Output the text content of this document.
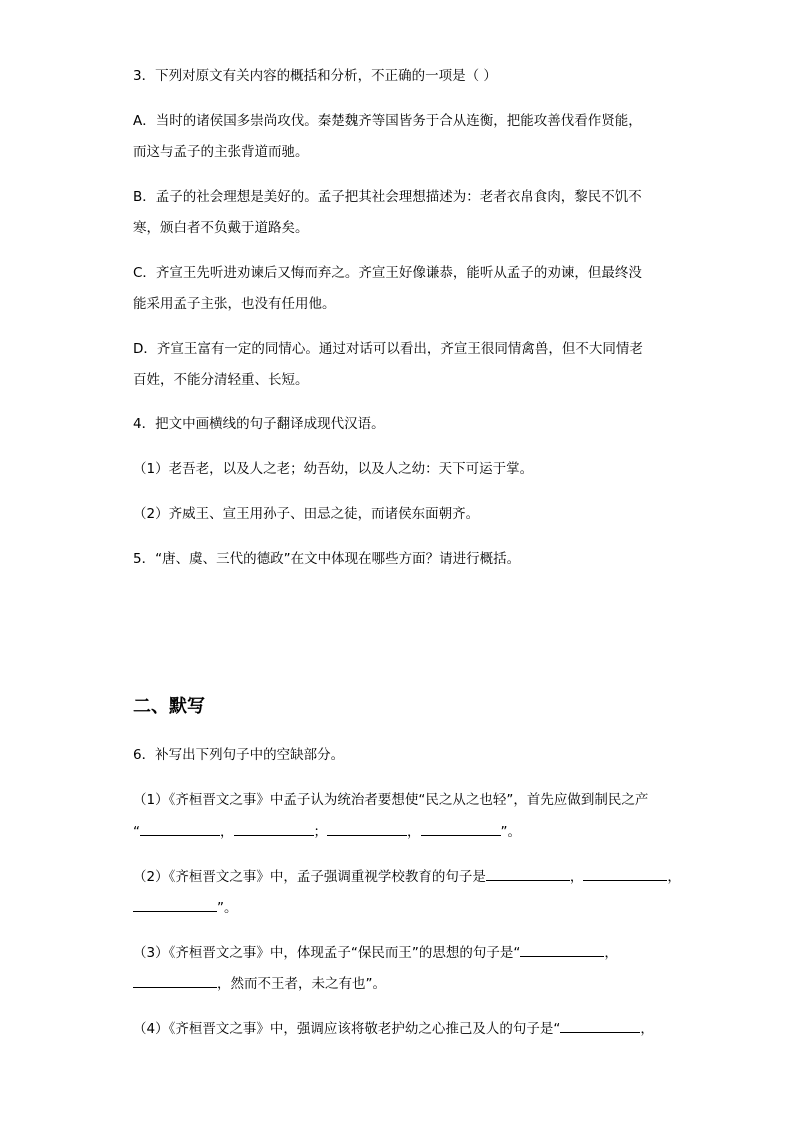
3．下列对原文有关内容的概括和分析，不正确的一项是（ ）
A．当时的诸侯国多崇尚攻伐。秦楚魏齐等国皆务于合从连衡，把能攻善伐看作贤能，
而这与孟子的主张背道而驰。
B．孟子的社会理想是美好的。孟子把其社会理想描述为：老者衣帛食肉，黎民不饥不
寒，颁白者不负戴于道路矣。
C．齐宣王先听进劝谏后又悔而弃之。齐宣王好像谦恭，能听从孟子的劝谏，但最终没
能采用孟子主张，也没有任用他。
D．齐宣王富有一定的同情心。通过对话可以看出，齐宣王很同情禽兽，但不大同情老
百姓，不能分清轻重、长短。
4．把文中画横线的句子翻译成现代汉语。
（1）老吾老，以及人之老；幼吾幼，以及人之幼：天下可运于掌。
（2）齐威王、宣王用孙子、田忌之徒，而诸侯东面朝齐。
5．“唐、虞、三代的德政”在文中体现在哪些方面？请进行概括。
二、默写
6．补写出下列句子中的空缺部分。
（1）《齐桓晋文之事》中孟子认为统治者要想使“民之从之也轻”，首先应做到制民之产
“	，	；	，	”。
（2）《齐桓晋文之事》中，孟子强调重视学校教育的句子是	，	，
”。
（3）《齐桓晋文之事》中，体现孟子“保民而王”的思想的句子是“	，
，然而不王者，未之有也”。
（4）《齐桓晋文之事》中，强调应该将敬老护幼之心推己及人的句子是“	，
